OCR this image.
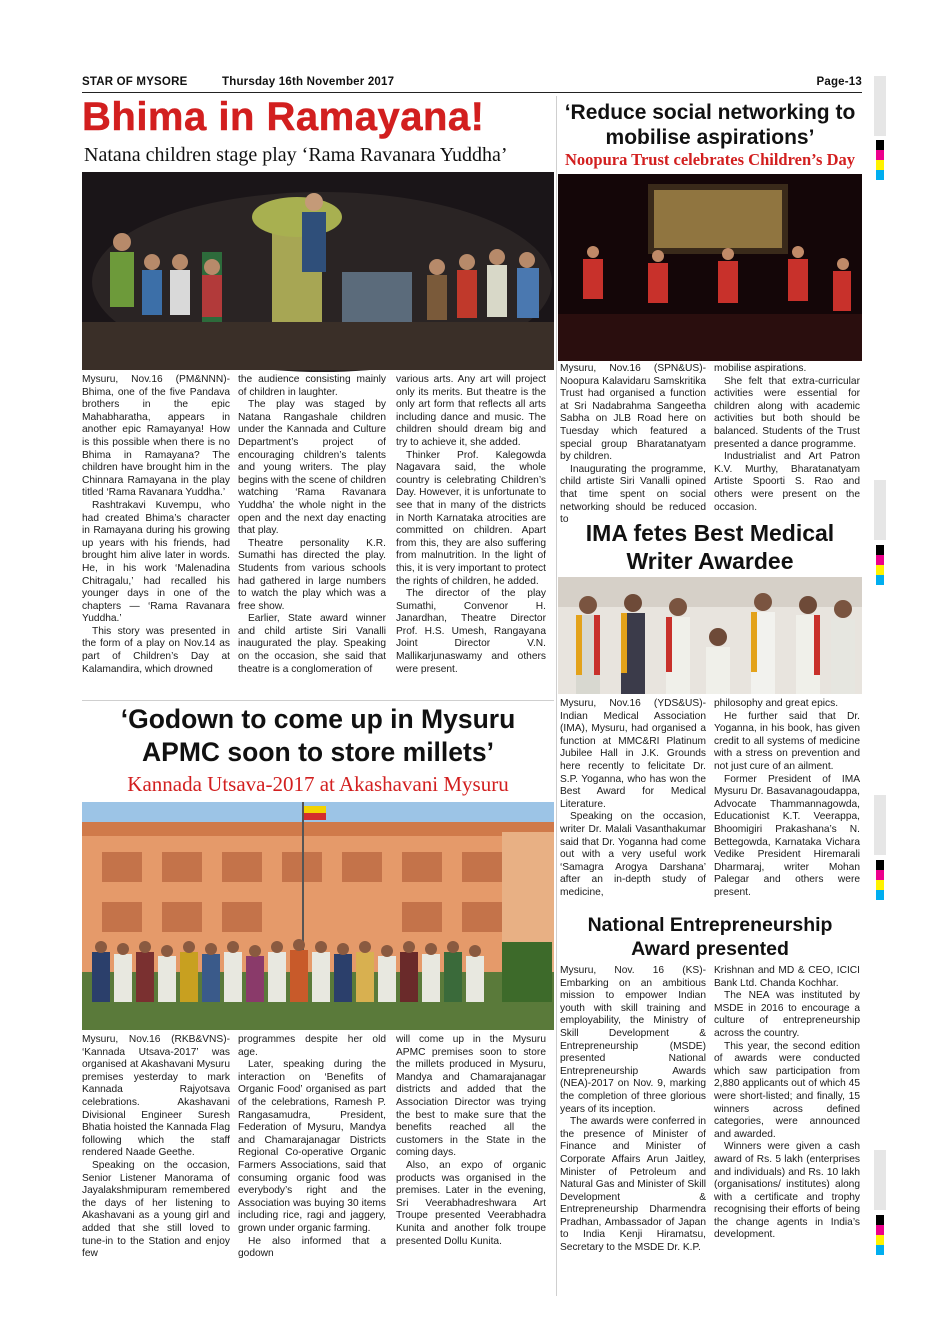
STAR OF MYSORE	Thursday 16th November 2017	Page-13
Bhima in Ramayana!
Natana children stage play ‘Rama Ravanara Yuddha’

Mysuru, Nov.16 (PM&NNN)- Bhima, one of the five Pandava brothers in the epic Mahabharatha, appears in another epic Ramayanya! How is this possible when there is no Bhima in Ramayana? The children have brought him in the Chinnara Ramayana in the play titled ‘Rama Ravanara Yuddha.’

Rashtrakavi Kuvempu, who had created Bhima’s character in Ramayana during his growing up years with his friends, had brought him alive later in words. He, in his work ‘Malenadina Chitragalu,’ had recalled his younger days in one of the chapters — ‘Rama Ravanara Yuddha.’

This story was presented in the form of a play on Nov.14 as part of Children’s Day at Kalamandira, which drowned

the audience consisting mainly of children in laughter.

The play was staged by Natana Rangashale children under the Kannada and Culture Department’s project of encouraging children’s talents and young writers. The play begins with the scene of children watching ‘Rama Ravanara Yuddha’ the whole night in the open and the next day enacting that play.

Theatre personality K.R. Sumathi has directed the play. Students from various schools had gathered in large numbers to watch the play which was a free show.

Earlier, State award winner and child artiste Siri Vanalli inaugurated the play. Speaking on the occasion, she said that theatre is a conglomeration of

various arts. Any art will project only its merits. But theatre is the only art form that reflects all arts including dance and music. The children should dream big and try to achieve it, she added.

Thinker Prof. Kalegowda Nagavara said, the whole country is celebrating Children’s Day. However, it is unfortunate to see that in many of the districts in North Karnataka atrocities are committed on children. Apart from this, they are also suffering from malnutrition. In the light of this, it is very important to protect the rights of children, he added.

The director of the play Sumathi, Convenor H. Janardhan, Theatre Director Prof. H.S. Umesh, Rangayana Joint Director V.N. Mallikarjunaswamy and others were present.

‘Reduce social networking to mobilise aspirations’
Noopura Trust celebrates Children’s Day

Mysuru, Nov.16 (SPN&US)- Noopura Kalavidaru Samskritika Trust had organised a function at Sri Nadabrahma Sangeetha Sabha on JLB Road here on Tuesday which featured a special group Bharatanatyam by children.

Inaugurating the programme, child artiste Siri Vanalli opined that time spent on social networking should be reduced to

mobilise aspirations.

She felt that extra-curricular activities were essential for children along with academic activities but both should be balanced. Students of the Trust presented a dance programme.

Industrialist and Art Patron K.V. Murthy, Bharatanatyam Artiste Spoorti S. Rao and others were present on the occasion.

IMA fetes Best Medical Writer Awardee

Mysuru, Nov.16 (YDS&US)- Indian Medical Association (IMA), Mysuru, had organised a function at MMC&RI Platinum Jubilee Hall in J.K. Grounds here recently to felicitate Dr. S.P. Yoganna, who has won the Best Award for Medical Literature.

Speaking on the occasion, writer Dr. Malali Vasanthakumar said that Dr. Yoganna had come out with a very useful work ‘Samagra Arogya Darshana’ after an in-depth study of medicine,

philosophy and great epics.

He further said that Dr. Yoganna, in his book, has given credit to all systems of medicine with a stress on prevention and not just cure of an ailment.

Former President of IMA Mysuru Dr. Basavanagoudappa, Advocate Thammannagowda, Educationist K.T. Veerappa, Bhoomigiri Prakashana’s N. Bettegowda, Karnataka Vichara Vedike President Hiremarali Dharmaraj, writer Mohan Palegar and others were present.

‘Godown to come up in Mysuru APMC soon to store millets’
Kannada Utsava-2017 at Akashavani Mysuru

Mysuru, Nov.16 (RKB&VNS)- ‘Kannada Utsava-2017’ was organised at Akashavani Mysuru premises yesterday to mark Kannada Rajyotsava celebrations. Akashavani Divisional Engineer Suresh Bhatia hoisted the Kannada Flag following which the staff rendered Naade Geethe.

Speaking on the occasion, Senior Listener Manorama of Jayalakshmipuram remembered the days of her listening to Akashavani as a young girl and added that she still loved to tune-in to the Station and enjoy few

programmes despite her old age.

Later, speaking during the interaction on ‘Benefits of Organic Food’ organised as part of the celebrations, Ramesh P. Rangasamudra, President, Federation of Mysuru, Mandya and Chamarajanagar Districts Regional Co-operative Organic Farmers Associations, said that consuming organic food was everybody’s right and the Association was buying 30 items including rice, ragi and jaggery, grown under organic farming.

He also informed that a godown

will come up in the Mysuru APMC premises soon to store the millets produced in Mysuru, Mandya and Chamarajanagar districts and added that the Association Director was trying the best to make sure that the benefits reached all the customers in the State in the coming days.

Also, an expo of organic products was organised in the premises. Later in the evening, Sri Veerabhadreshwara Art Troupe presented Veerabhadra Kunita and another folk troupe presented Dollu Kunita.

National Entrepreneurship Award presented

Mysuru, Nov. 16 (KS)- Embarking on an ambitious mission to empower Indian youth with skill training and employability, the Ministry of Skill Development & Entrepreneurship (MSDE) presented National Entrepreneurship Awards (NEA)-2017 on Nov. 9, marking the completion of three glorious years of its inception.

The awards were conferred in the presence of Minister of Finance and Minister of Corporate Affairs Arun Jaitley, Minister of Petroleum and Natural Gas and Minister of Skill Development & Entrepreneurship Dharmendra Pradhan, Ambassador of Japan to India Kenji Hiramatsu, Secretary to the MSDE Dr. K.P.

Krishnan and MD & CEO, ICICI Bank Ltd. Chanda Kochhar.

The NEA was instituted by MSDE in 2016 to encourage a culture of entrepreneurship across the country.

This year, the second edition of awards were conducted which saw participation from 2,880 applicants out of which 45 were short-listed; and finally, 15 winners across defined categories, were announced and awarded.

Winners were given a cash award of Rs. 5 lakh (enterprises and individuals) and Rs. 10 lakh (organisations/ institutes) along with a certificate and trophy recognising their efforts of being the change agents in India’s development.
